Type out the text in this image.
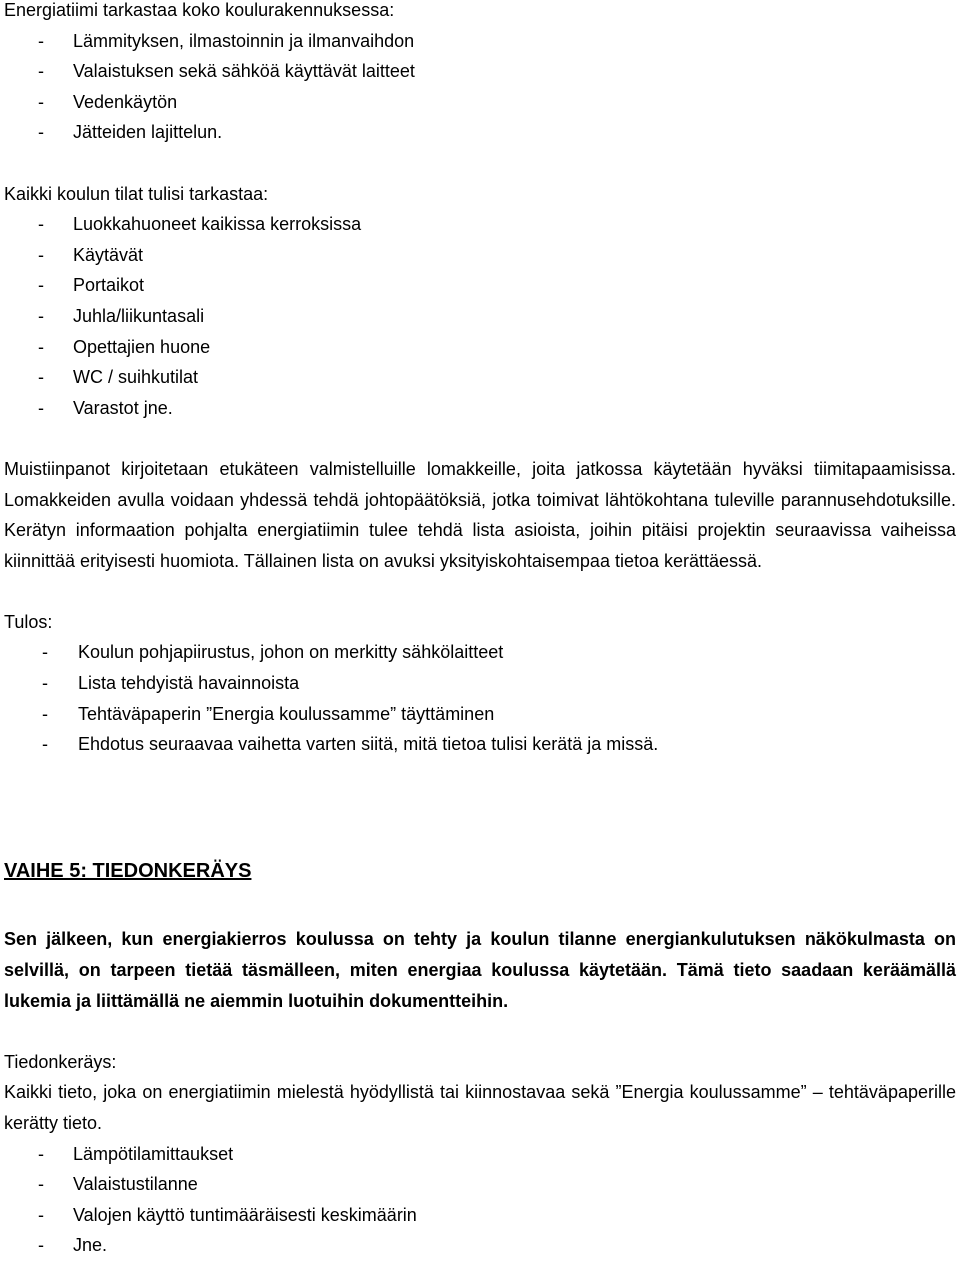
Energiatiimi tarkastaa koko koulurakennuksessa:

- Lämmityksen, ilmastoinnin ja ilmanvaihdon

- Valaistuksen sekä sähköä käyttävät laitteet

- Vedenkäytön

- Jätteiden lajittelun.

Kaikki koulun tilat tulisi tarkastaa:

- Luokkahuoneet kaikissa kerroksissa

- Käytävät

- Portaikot

- Juhla/liikuntasali

- Opettajien huone

- WC / suihkutilat

- Varastot jne.

Muistiinpanot kirjoitetaan etukäteen valmistelluille lomakkeille, joita jatkossa käytetään hyväksi tiimitapaamisissa. Lomakkeiden avulla voidaan yhdessä tehdä johtopäätöksiä, jotka toimivat lähtökohtana tuleville parannusehdotuksille. Kerätyn informaation pohjalta energiatiimin tulee tehdä lista asioista, joihin pitäisi projektin seuraavissa vaiheissa kiinnittää erityisesti huomiota. Tällainen lista on avuksi yksityiskohtaisempaa tietoa kerättäessä.

Tulos:

- Koulun pohjapiirustus, johon on merkitty sähkölaitteet

- Lista tehdyistä havainnoista

- Tehtäväpaperin ”Energia koulussamme” täyttäminen

- Ehdotus seuraavaa vaihetta varten siitä, mitä tietoa tulisi kerätä ja missä.

VAIHE 5: TIEDONKERÄYS

Sen jälkeen, kun energiakierros koulussa on tehty ja koulun tilanne energiankulutuksen näkökulmasta on selvillä, on tarpeen tietää täsmälleen, miten energiaa koulussa käytetään. Tämä tieto saadaan keräämällä lukemia ja liittämällä ne aiemmin luotuihin dokumentteihin.

Tiedonkeräys:

Kaikki tieto, joka on energiatiimin mielestä hyödyllistä tai kiinnostavaa sekä ”Energia koulussamme” – tehtäväpaperille kerätty tieto.

- Lämpötilamittaukset

- Valaistustilanne

- Valojen käyttö tuntimääräisesti keskimäärin

- Jne.
